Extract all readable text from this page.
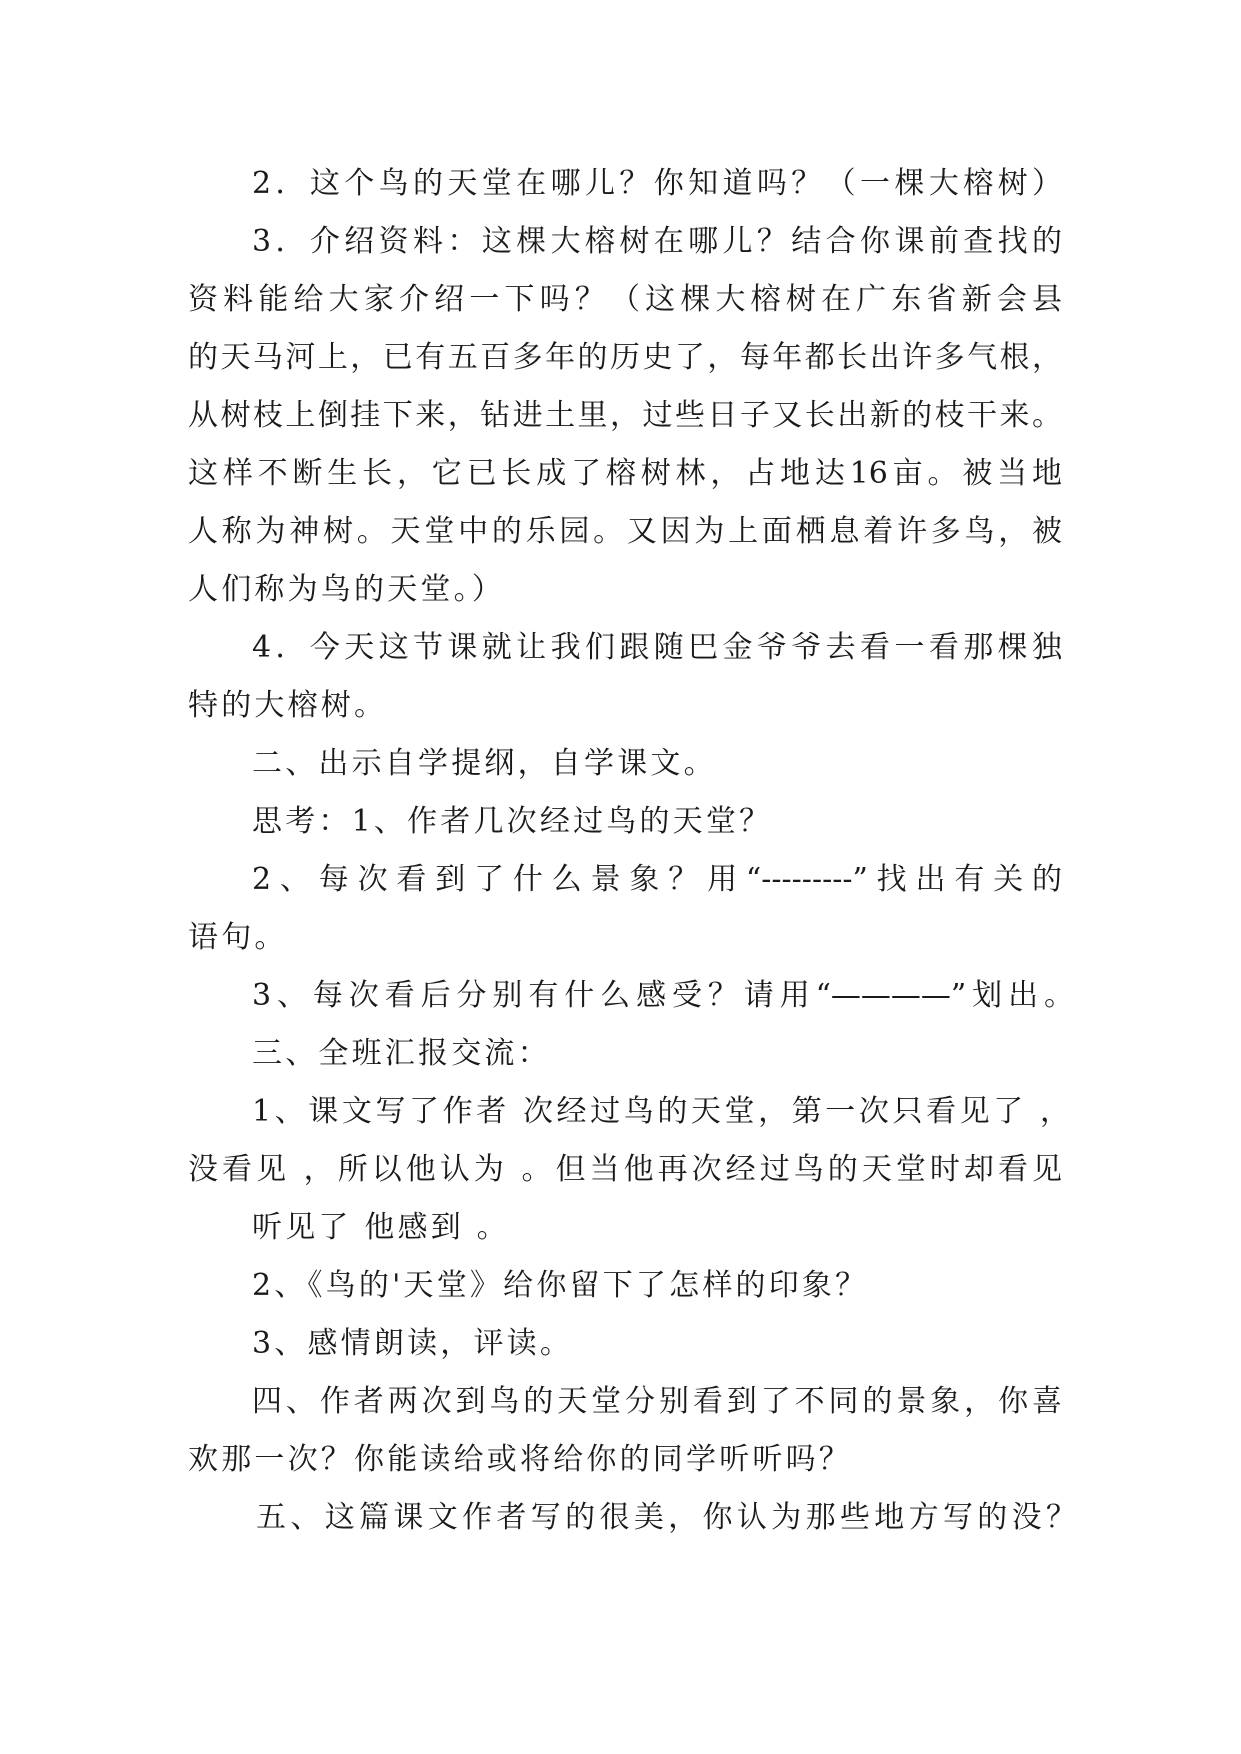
2．这个鸟的天堂在哪儿？你知道吗？（一棵大榕树）
3．介绍资料：这棵大榕树在哪儿？结合你课前查找的
资料能给大家介绍一下吗？（这棵大榕树在广东省新会县
的天马河上，已有五百多年的历史了，每年都长出许多气根，
从树枝上倒挂下来，钻进土里，过些日子又长出新的枝干来。
这样不断生长，它已长成了榕树林，占地达16亩。被当地
人称为神树。天堂中的乐园。又因为上面栖息着许多鸟，被
人们称为鸟的天堂。）
4．今天这节课就让我们跟随巴金爷爷去看一看那棵独
特的大榕树。
二、出示自学提纲，自学课文。
思考：1、作者几次经过鸟的天堂？
2、每次看到了什么景象？用“---------”找出有关的
语句。
3、每次看后分别有什么感受？请用“————”划出。
三、全班汇报交流：
1、课文写了作者 次经过鸟的天堂，第一次只看见了 ，
没看见 ，所以他认为 。但当他再次经过鸟的天堂时却看见
听见了 他感到 。
2、《鸟的'天堂》给你留下了怎样的印象？
3、感情朗读，评读。
四、作者两次到鸟的天堂分别看到了不同的景象，你喜
欢那一次？你能读给或将给你的同学听听吗？
五、这篇课文作者写的很美，你认为那些地方写的没？
